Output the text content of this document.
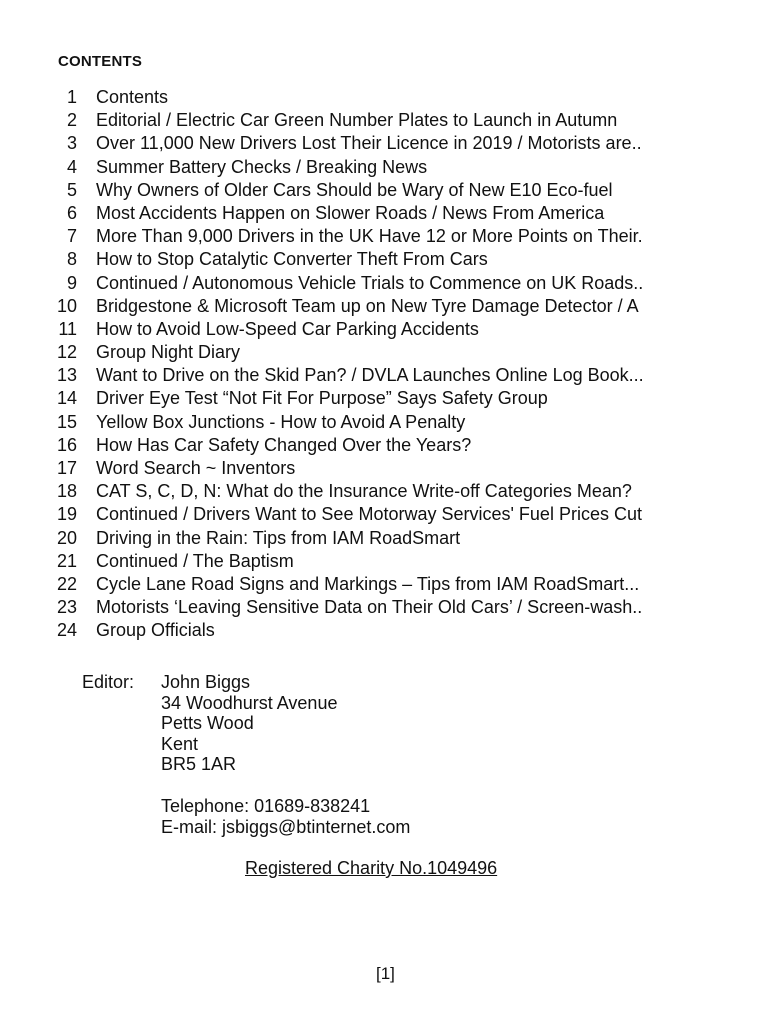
CONTENTS
1 Contents
2 Editorial / Electric Car Green Number Plates to Launch in Autumn
3 Over 11,000 New Drivers Lost Their Licence in 2019 / Motorists are..
4 Summer Battery Checks / Breaking News
5 Why Owners of Older Cars Should be Wary of New E10 Eco-fuel
6 Most Accidents Happen on Slower Roads / News From America
7 More Than 9,000 Drivers in the UK Have 12 or More Points on Their.
8 How to Stop Catalytic Converter Theft From Cars
9 Continued / Autonomous Vehicle Trials to Commence on UK Roads..
10 Bridgestone & Microsoft Team up on New Tyre Damage Detector / A
11 How to Avoid Low-Speed Car Parking Accidents
12 Group Night Diary
13 Want to Drive on the Skid Pan? / DVLA Launches Online Log Book...
14 Driver Eye Test “Not Fit For Purpose” Says Safety Group
15 Yellow Box Junctions - How to Avoid A Penalty
16 How Has Car Safety Changed Over the Years?
17 Word Search ~ Inventors
18 CAT S, C, D, N: What do the Insurance Write-off Categories Mean?
19 Continued / Drivers Want to See Motorway Services' Fuel Prices Cut
20 Driving in the Rain: Tips from IAM RoadSmart
21 Continued / The Baptism
22 Cycle Lane Road Signs and Markings – Tips from IAM RoadSmart...
23 Motorists ‘Leaving Sensitive Data on Their Old Cars’ / Screen-wash..
24 Group Officials
Editor: John Biggs
34 Woodhurst Avenue
Petts Wood
Kent
BR5 1AR
Telephone: 01689-838241
E-mail: jsbiggs@btinternet.com
Registered Charity No.1049496
[1]
